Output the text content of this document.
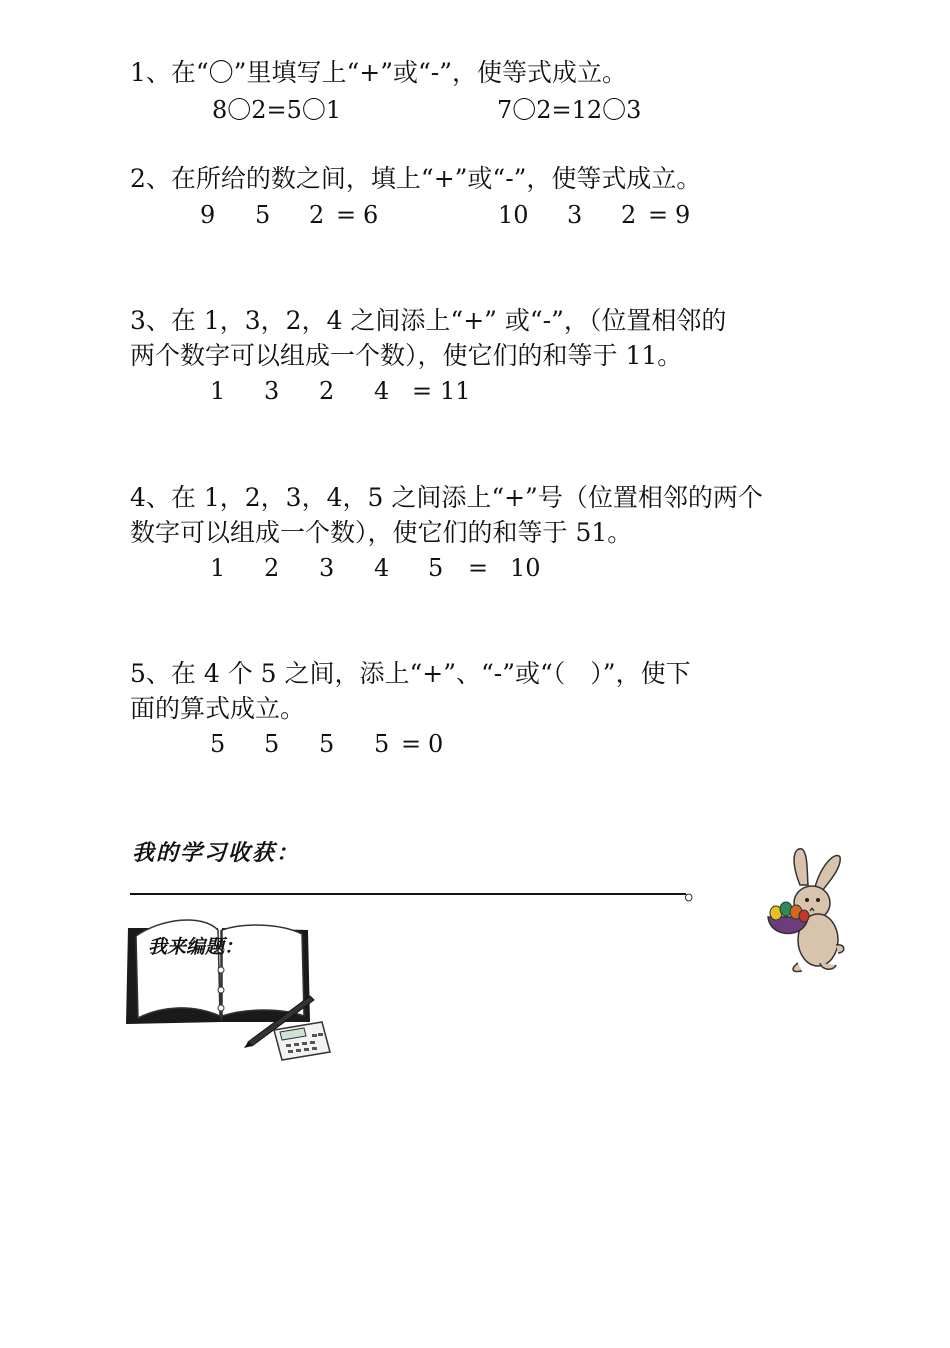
1、在“〇”里填写上“+”或“-”，使等式成立。
8〇2=5〇1	7〇2=12〇3
2、在所给的数之间，填上“+”或“-”，使等式成立。
9 5 2 = 6	10 3 2 = 9
3、在 1，3，2，4 之间添上“+” 或“-”，（位置相邻的
两个数字可以组成一个数），使它们的和等于 11。
1 3 2 4 = 11
4、在 1，2，3，4，5 之间添上“+”号（位置相邻的两个
数字可以组成一个数），使它们的和等于 51。
1 2 3 4 5 = 10
5、在 4 个 5 之间，添上“+”、“-”或“（　）”，使下
面的算式成立。
5 5 5 5 = 0
我的学习收获：
。
我来编题：
